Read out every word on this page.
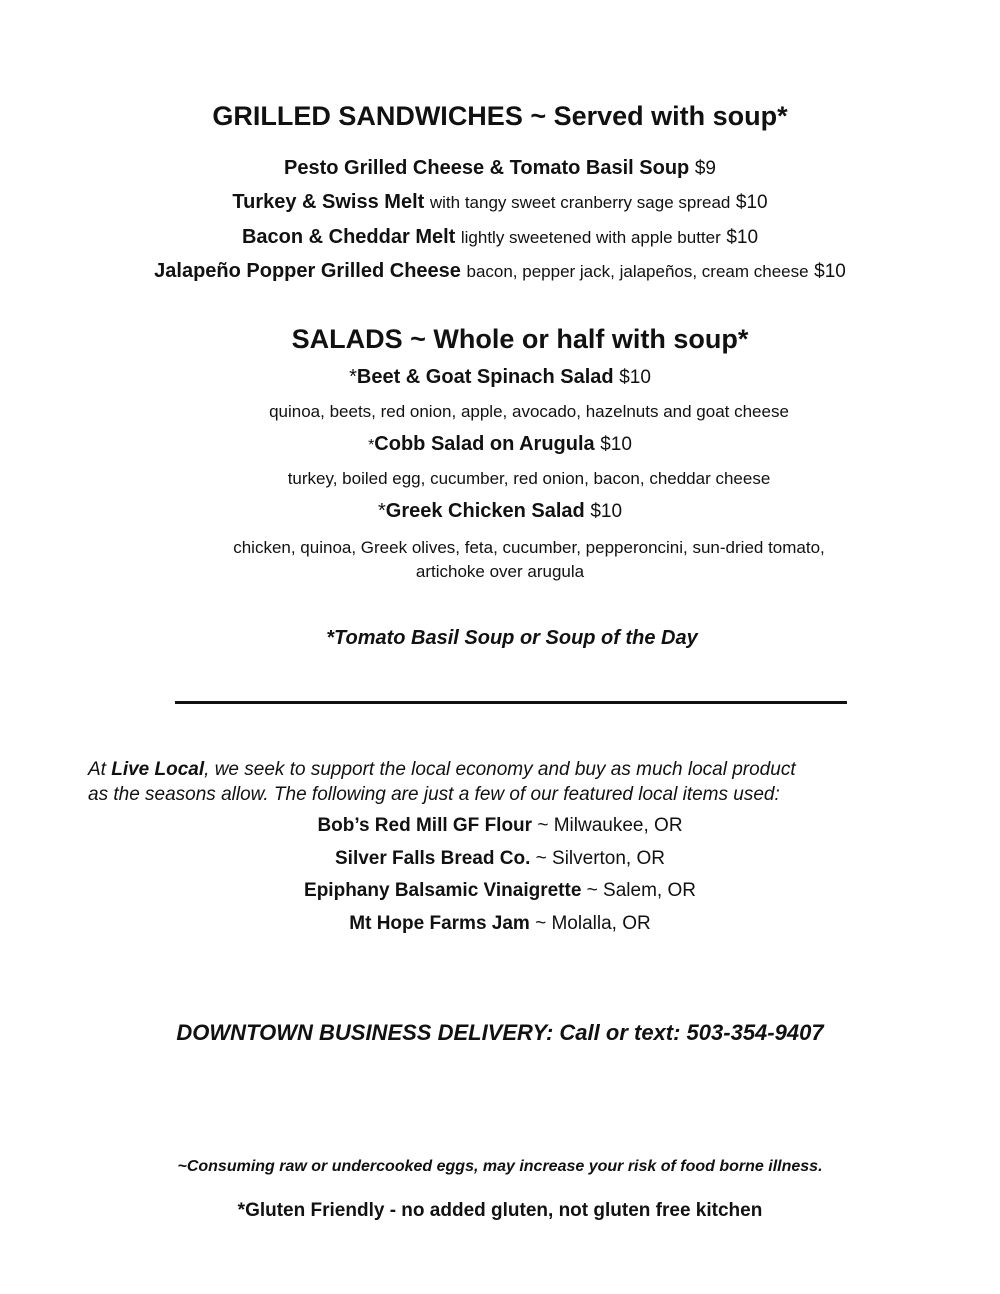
GRILLED SANDWICHES ~ Served with soup*
Pesto Grilled Cheese & Tomato Basil Soup $9
Turkey & Swiss Melt with tangy sweet cranberry sage spread $10
Bacon & Cheddar Melt lightly sweetened with apple butter $10
Jalapeño Popper Grilled Cheese bacon, pepper jack, jalapeños, cream cheese $10
SALADS ~ Whole or half with soup*
*Beet & Goat Spinach Salad $10
quinoa, beets, red onion, apple, avocado, hazelnuts and goat cheese
*Cobb Salad on Arugula $10
turkey, boiled egg, cucumber, red onion, bacon, cheddar cheese
*Greek Chicken Salad $10
chicken, quinoa, Greek olives, feta, cucumber, pepperoncini, sun-dried tomato,
artichoke over arugula
*Tomato Basil Soup or Soup of the Day
At Live Local, we seek to support the local economy and buy as much local product
as the seasons allow. The following are just a few of our featured local items used:
Bob’s Red Mill GF Flour ~ Milwaukee, OR
Silver Falls Bread Co. ~ Silverton, OR
Epiphany Balsamic Vinaigrette ~ Salem, OR
Mt Hope Farms Jam ~ Molalla, OR
DOWNTOWN BUSINESS DELIVERY: Call or text: 503-354-9407
~Consuming raw or undercooked eggs, may increase your risk of food borne illness.
*Gluten Friendly - no added gluten, not gluten free kitchen
